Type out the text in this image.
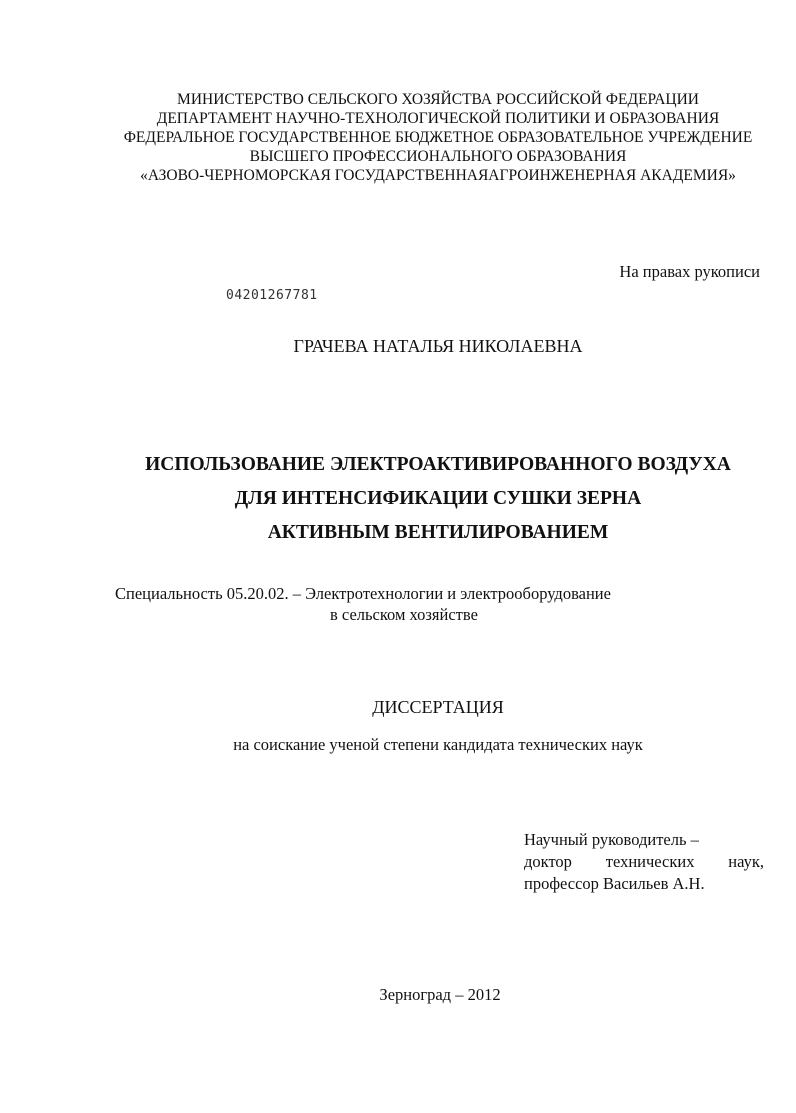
МИНИСТЕРСТВО СЕЛЬСКОГО ХОЗЯЙСТВА РОССИЙСКОЙ ФЕДЕРАЦИИ
ДЕПАРТАМЕНТ НАУЧНО-ТЕХНОЛОГИЧЕСКОЙ ПОЛИТИКИ И ОБРАЗОВАНИЯ
ФЕДЕРАЛЬНОЕ ГОСУДАРСТВЕННОЕ БЮДЖЕТНОЕ ОБРАЗОВАТЕЛЬНОЕ УЧРЕЖДЕНИЕ
ВЫСШЕГО ПРОФЕССИОНАЛЬНОГО ОБРАЗОВАНИЯ
«АЗОВО-ЧЕРНОМОРСКАЯ ГОСУДАРСТВЕННАЯАГРОИНЖЕНЕРНАЯ АКАДЕМИЯ»
На правах рукописи
04201267781
ГРАЧЕВА НАТАЛЬЯ НИКОЛАЕВНА
ИСПОЛЬЗОВАНИЕ ЭЛЕКТРОАКТИВИРОВАННОГО ВОЗДУХА
ДЛЯ ИНТЕНСИФИКАЦИИ СУШКИ ЗЕРНА
АКТИВНЫМ ВЕНТИЛИРОВАНИЕМ
Специальность 05.20.02. – Электротехнологии и электрооборудование
в сельском хозяйстве
ДИССЕРТАЦИЯ
на соискание ученой степени кандидата технических наук
Научный руководитель –
доктор технических наук,
профессор Васильев А.Н.
Зерноград – 2012
